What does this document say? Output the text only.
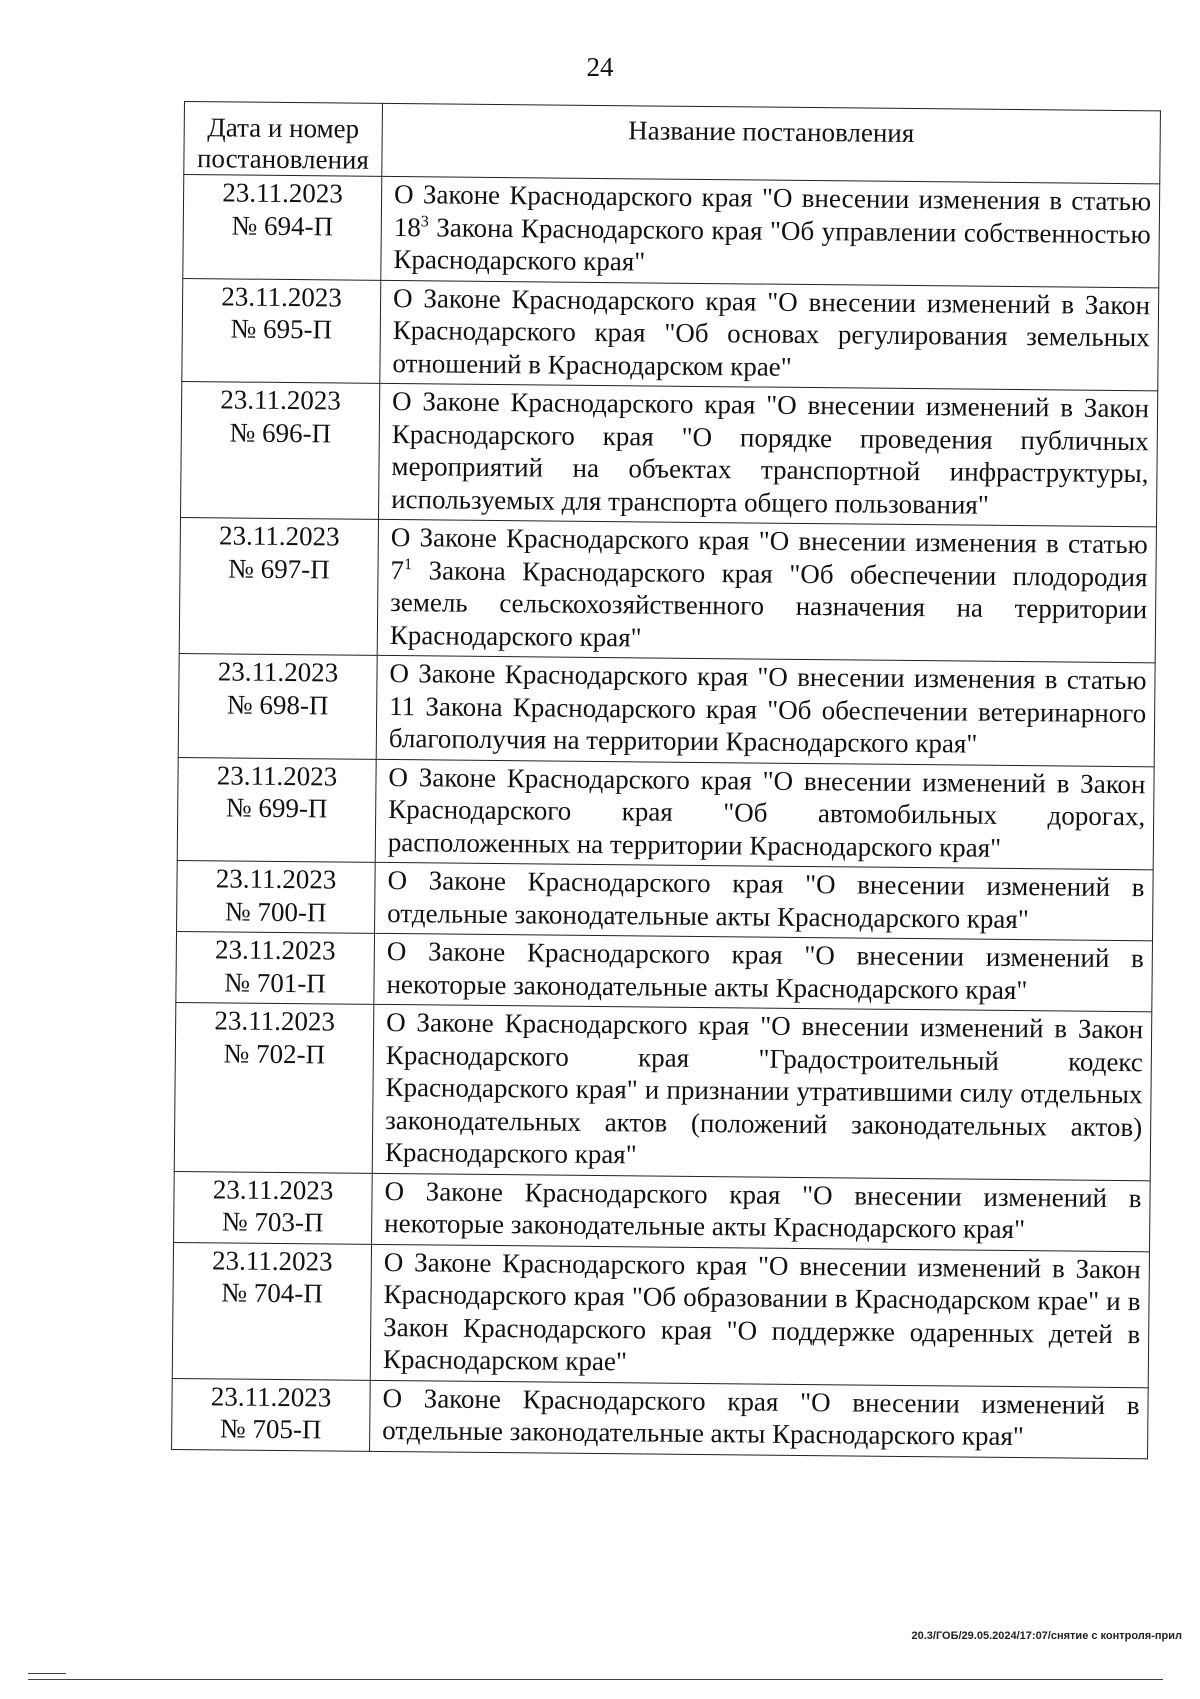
24
Дата и номер постановления	Название постановления

23.11.2023
№ 694-П	О Законе Краснодарского края "О внесении изменения в статью $18^3$ Закона Краснодарского края "Об управлении собственностью Краснодарского края"

23.11.2023
№ 695-П	О Законе Краснодарского края "О внесении изменений в Закон Краснодарского края "Об основах регулирования земельных отношений в Краснодарском крае"

23.11.2023
№ 696-П	О Законе Краснодарского края "О внесении изменений в Закон Краснодарского края "О порядке проведения публичных мероприятий на объектах транспортной инфраструктуры, используемых для транспорта общего пользования"

23.11.2023
№ 697-П	О Законе Краснодарского края "О внесении изменения в статью $7^1$ Закона Краснодарского края "Об обеспечении плодородия земель сельскохозяйственного назначения на территории Краснодарского края"

23.11.2023
№ 698-П	О Законе Краснодарского края "О внесении изменения в статью 11 Закона Краснодарского края "Об обеспечении ветеринарного благополучия на территории Краснодарского края"

23.11.2023
№ 699-П	О Законе Краснодарского края "О внесении изменений в Закон Краснодарского края "Об автомобильных дорогах, расположенных на территории Краснодарского края"

23.11.2023
№ 700-П	О Законе Краснодарского края "О внесении изменений в отдельные законодательные акты Краснодарского края"

23.11.2023
№ 701-П	О Законе Краснодарского края "О внесении изменений в некоторые законодательные акты Краснодарского края"

23.11.2023
№ 702-П	О Законе Краснодарского края "О внесении изменений в Закон Краснодарского края "Градостроительный кодекс Краснодарского края" и признании утратившими силу отдельных законодательных актов (положений законодательных актов) Краснодарского края"

23.11.2023
№ 703-П	О Законе Краснодарского края "О внесении изменений в некоторые законодательные акты Краснодарского края"

23.11.2023
№ 704-П	О Законе Краснодарского края "О внесении изменений в Закон Краснодарского края "Об образовании в Краснодарском крае" и в Закон Краснодарского края "О поддержке одаренных детей в Краснодарском крае"

23.11.2023
№ 705-П	О Законе Краснодарского края "О внесении изменений в отдельные законодательные акты Краснодарского края"
20.3/ГОБ/29.05.2024/17:07/снятие с контроля-прил
